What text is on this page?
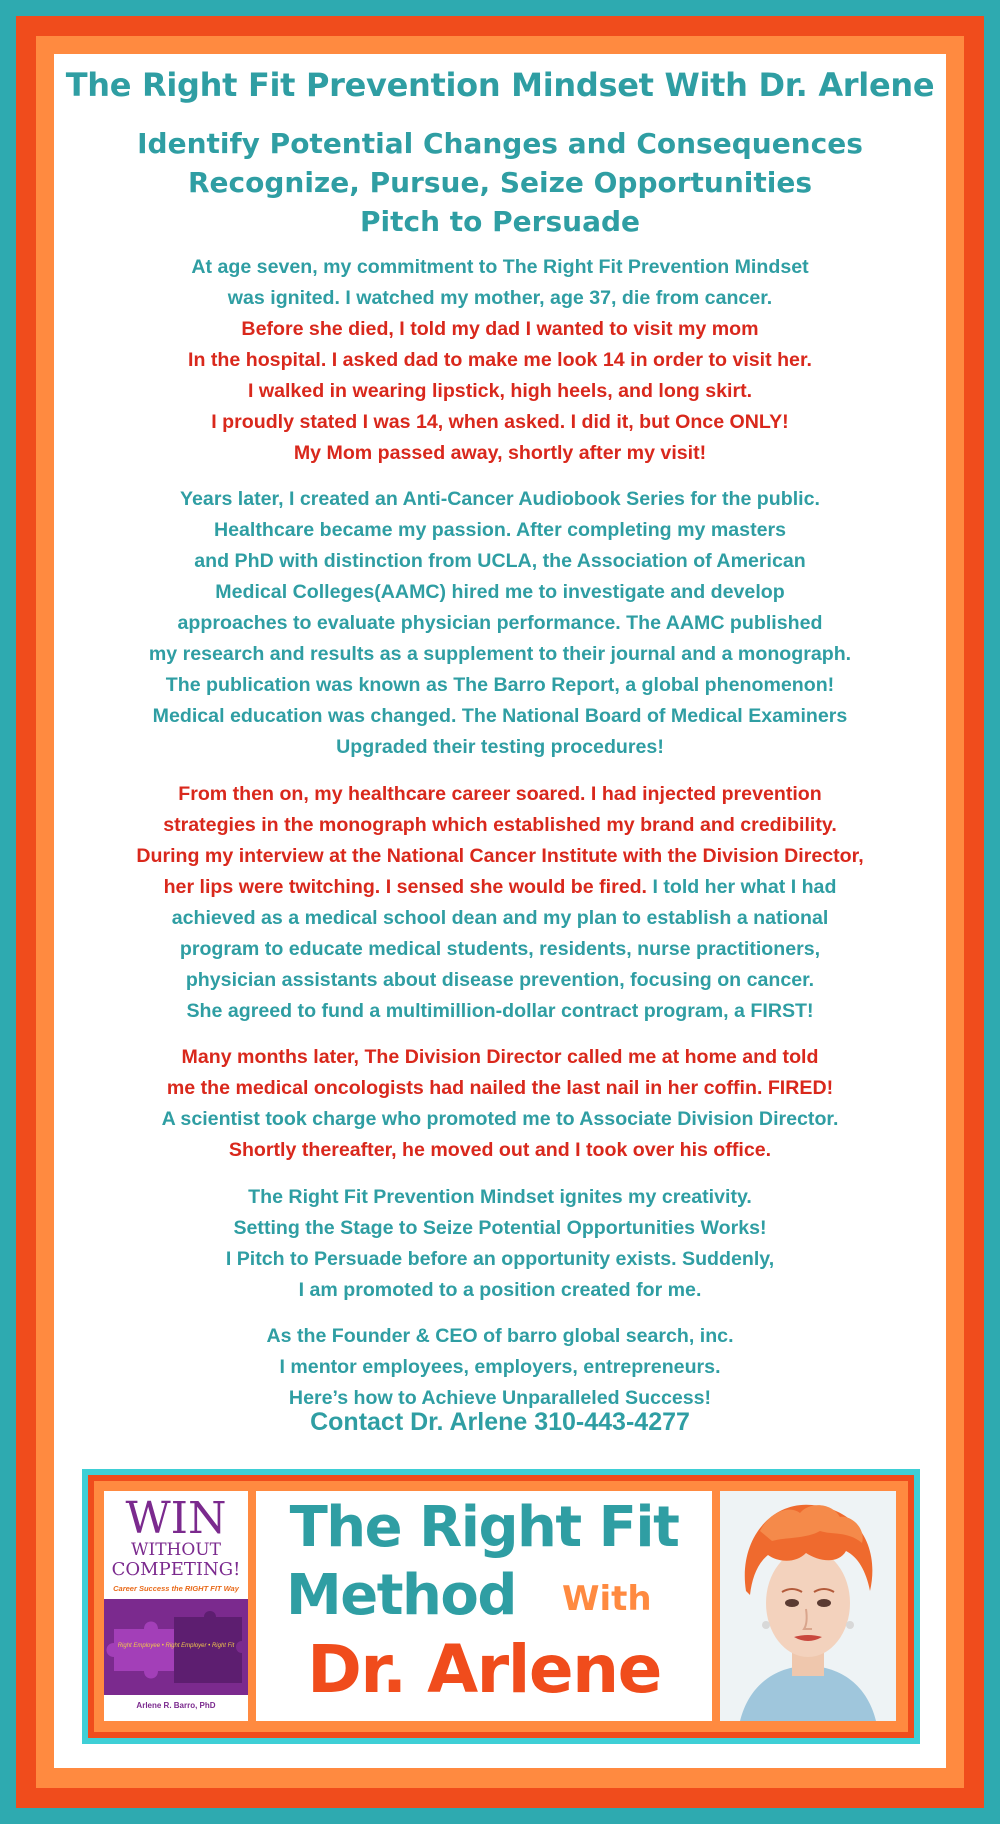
The Right Fit Prevention Mindset With Dr. Arlene
Identify Potential Changes and Consequences
Recognize, Pursue, Seize Opportunities
Pitch to Persuade
At age seven, my commitment to The Right Fit Prevention Mindset
was ignited. I watched my mother, age 37, die from cancer.
Before she died, I told my dad I wanted to visit my mom
In the hospital. I asked dad to make me look 14 in order to visit her.
I walked in wearing lipstick, high heels, and long skirt.
I proudly stated I was 14, when asked. I did it, but Once ONLY!
My Mom passed away, shortly after my visit!
Years later, I created an Anti-Cancer Audiobook Series for the public.
Healthcare became my passion. After completing my masters
and PhD with distinction from UCLA, the Association of American
Medical Colleges(AAMC) hired me to investigate and develop
approaches to evaluate physician performance. The AAMC published
my research and results as a supplement to their journal and a monograph.
The publication was known as The Barro Report, a global phenomenon!
Medical education was changed. The National Board of Medical Examiners
Upgraded their testing procedures!
From then on, my healthcare career soared. I had injected prevention
strategies in the monograph which established my brand and credibility.
During my interview at the National Cancer Institute with the Division Director,
her lips were twitching. I sensed she would be fired. I told her what I had
achieved as a medical school dean and my plan to establish a national
program to educate medical students, residents, nurse practitioners,
physician assistants about disease prevention, focusing on cancer.
She agreed to fund a multimillion-dollar contract program, a FIRST!
Many months later, The Division Director called me at home and told
me the medical oncologists had nailed the last nail in her coffin. FIRED!
A scientist took charge who promoted me to Associate Division Director.
Shortly thereafter, he moved out and I took over his office.
The Right Fit Prevention Mindset ignites my creativity.
Setting the Stage to Seize Potential Opportunities Works!
I Pitch to Persuade before an opportunity exists. Suddenly,
I am promoted to a position created for me.
As the Founder & CEO of barro global search, inc.
I mentor employees, employers, entrepreneurs.
Here’s how to Achieve Unparalleled Success!
Contact Dr. Arlene 310-443-4277
WIN
WITHOUT
COMPETING!
Career Success the RIGHT FIT Way
Right Employee • Right Employer • Right Fit
Arlene R. Barro, PhD
The Right Fit
Method With
Dr. Arlene
